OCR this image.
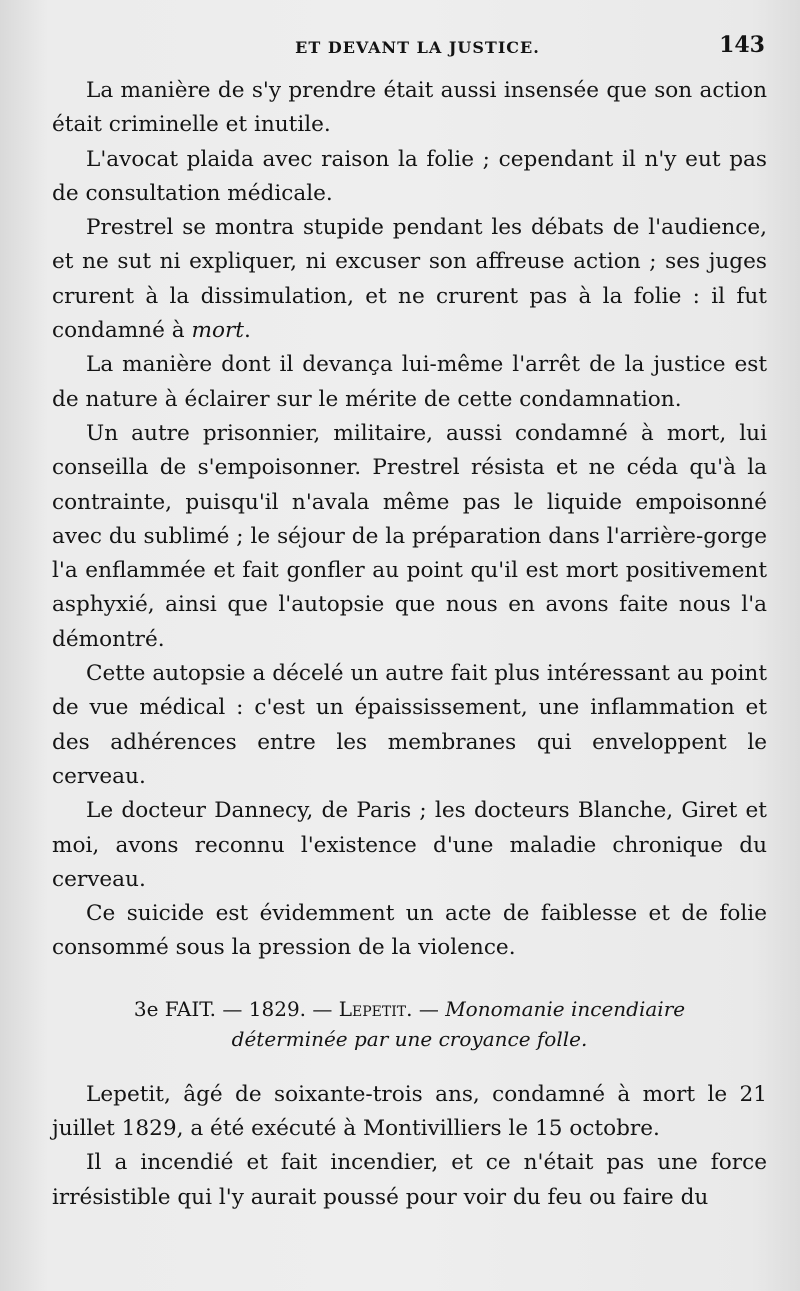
ET DEVANT LA JUSTICE.	143

La manière de s'y prendre était aussi insensée que son action était criminelle et inutile.

L'avocat plaida avec raison la folie ; cependant il n'y eut pas de consultation médicale.

Prestrel se montra stupide pendant les débats de l'audience, et ne sut ni expliquer, ni excuser son affreuse action ; ses juges crurent à la dissimulation, et ne crurent pas à la folie : il fut condamné à mort.

La manière dont il devança lui-même l'arrêt de la justice est de nature à éclairer sur le mérite de cette condamnation.

Un autre prisonnier, militaire, aussi condamné à mort, lui conseilla de s'empoisonner. Prestrel résista et ne céda qu'à la contrainte, puisqu'il n'avala même pas le liquide empoisonné avec du sublimé ; le séjour de la préparation dans l'arrière-gorge l'a enflammée et fait gonfler au point qu'il est mort positivement asphyxié, ainsi que l'autopsie que nous en avons faite nous l'a démontré.

Cette autopsie a décelé un autre fait plus intéressant au point de vue médical : c'est un épaississement, une inflammation et des adhérences entre les membranes qui enveloppent le cerveau.

Le docteur Dannecy, de Paris ; les docteurs Blanche, Giret et moi, avons reconnu l'existence d'une maladie chronique du cerveau.

Ce suicide est évidemment un acte de faiblesse et de folie consommé sous la pression de la violence.

3e FAIT. — 1829. — Lepetit. — Monomanie incendiaire
déterminée par une croyance folle.

Lepetit, âgé de soixante-trois ans, condamné à mort le 21 juillet 1829, a été exécuté à Montivilliers le 15 octobre.

Il a incendié et fait incendier, et ce n'était pas une force irrésistible qui l'y aurait poussé pour voir du feu ou faire du
